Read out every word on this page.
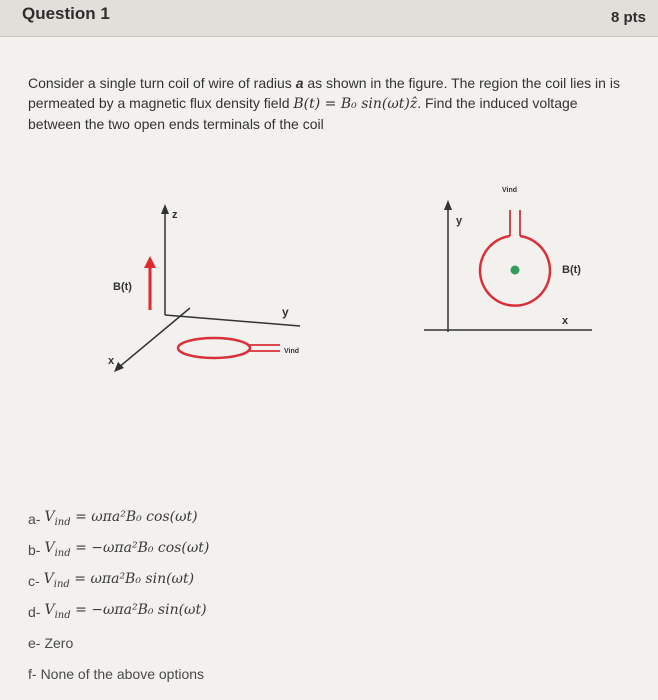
Question 1	8 pts
Consider a single turn coil of wire of radius a as shown in the figure. The region the coil lies in is permeated by a magnetic flux density field B(t) = B₀ sin(ωt)ẑ. Find the induced voltage between the two open ends terminals of the coil
z
y
x
B(t)
Vind
y
x
Vind
B(t)
a- $V_{ind} = \omega\pi a^2B_0$ cos(ωt)
b- $V_{ind} = -\omega\pi a^2B_0$ cos(ωt)
c- $V_{ind} = \omega\pi a^2B_0$ sin(ωt)
d- $V_{ind} = -\omega\pi a^2B_0$ sin(ωt)
e- Zero
f- None of the above options
